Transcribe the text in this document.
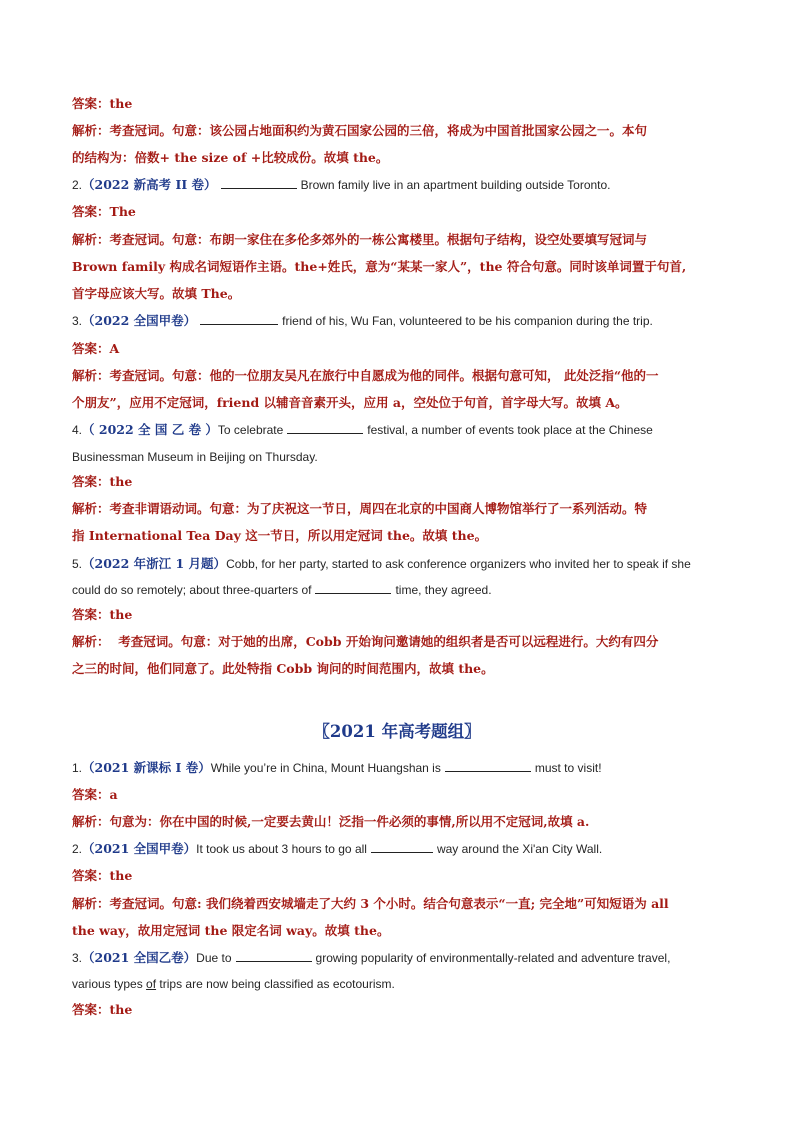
答案：the
解析：考查冠词。句意：该公园占地面积约为黄石国家公园的三倍，将成为中国首批国家公园之一。本句
的结构为：倍数+ the size of +比较成份。故填 the。
2.（2022 新高考 II 卷）	Brown family live in an apartment building outside Toronto.
答案：The
解析：考查冠词。句意：布朗一家住在多伦多郊外的一栋公寓楼里。根据句子结构，设空处要填写冠词与
Brown family 构成名词短语作主语。the+姓氏，意为“某某一家人”，the 符合句意。同时该单词置于句首,
首字母应该大写。故填 The。
3.（2022 全国甲卷）	friend of his, Wu Fan, volunteered to be his companion during the trip.
答案：A
解析：考查冠词。句意：他的一位朋友吴凡在旅行中自愿成为他的同伴。根据句意可知， 此处泛指“他的一
个朋友”，应用不定冠词，friend 以辅音音素开头，应用 a，空处位于句首，首字母大写。故填 A。
4.（ 2022 全 国 乙 卷 ）To celebrate	festival, a number of events took place at the Chinese
Businessman Museum in Beijing on Thursday.
答案：the
解析：考查非谓语动词。句意：为了庆祝这一节日，周四在北京的中国商人博物馆举行了一系列活动。特
指 International Tea Day 这一节日，所以用定冠词 the。故填 the。
5.（2022 年浙江 1 月题）Cobb, for her party, started to ask conference organizers who invited her to speak if she
could do so remotely; about three-quarters of	time, they agreed.
答案：the
解析：  考查冠词。句意：对于她的出席，Cobb 开始询问邀请她的组织者是否可以远程进行。大约有四分
之三的时间，他们同意了。此处特指 Cobb 询问的时间范围内，故填 the。
〖2021 年高考题组〗
1.（2021 新课标 I 卷）While you’re in China, Mount Huangshan is	must to visit!
答案：a
解析：句意为：你在中国的时候,一定要去黄山！泛指一件必须的事情,所以用不定冠词,故填 a.
2.（2021 全国甲卷）It took us about 3 hours to go all	way around the Xi'an City Wall.
答案：the
解析：考查冠词。句意: 我们绕着西安城墙走了大约 3 个小时。结合句意表示“一直; 完全地”可知短语为 all
the way，故用定冠词 the 限定名词 way。故填 the。
3.（2021 全国乙卷）Due to	growing popularity of environmentally-related and adventure travel,
various types of trips are now being classified as ecotourism.
答案：the
